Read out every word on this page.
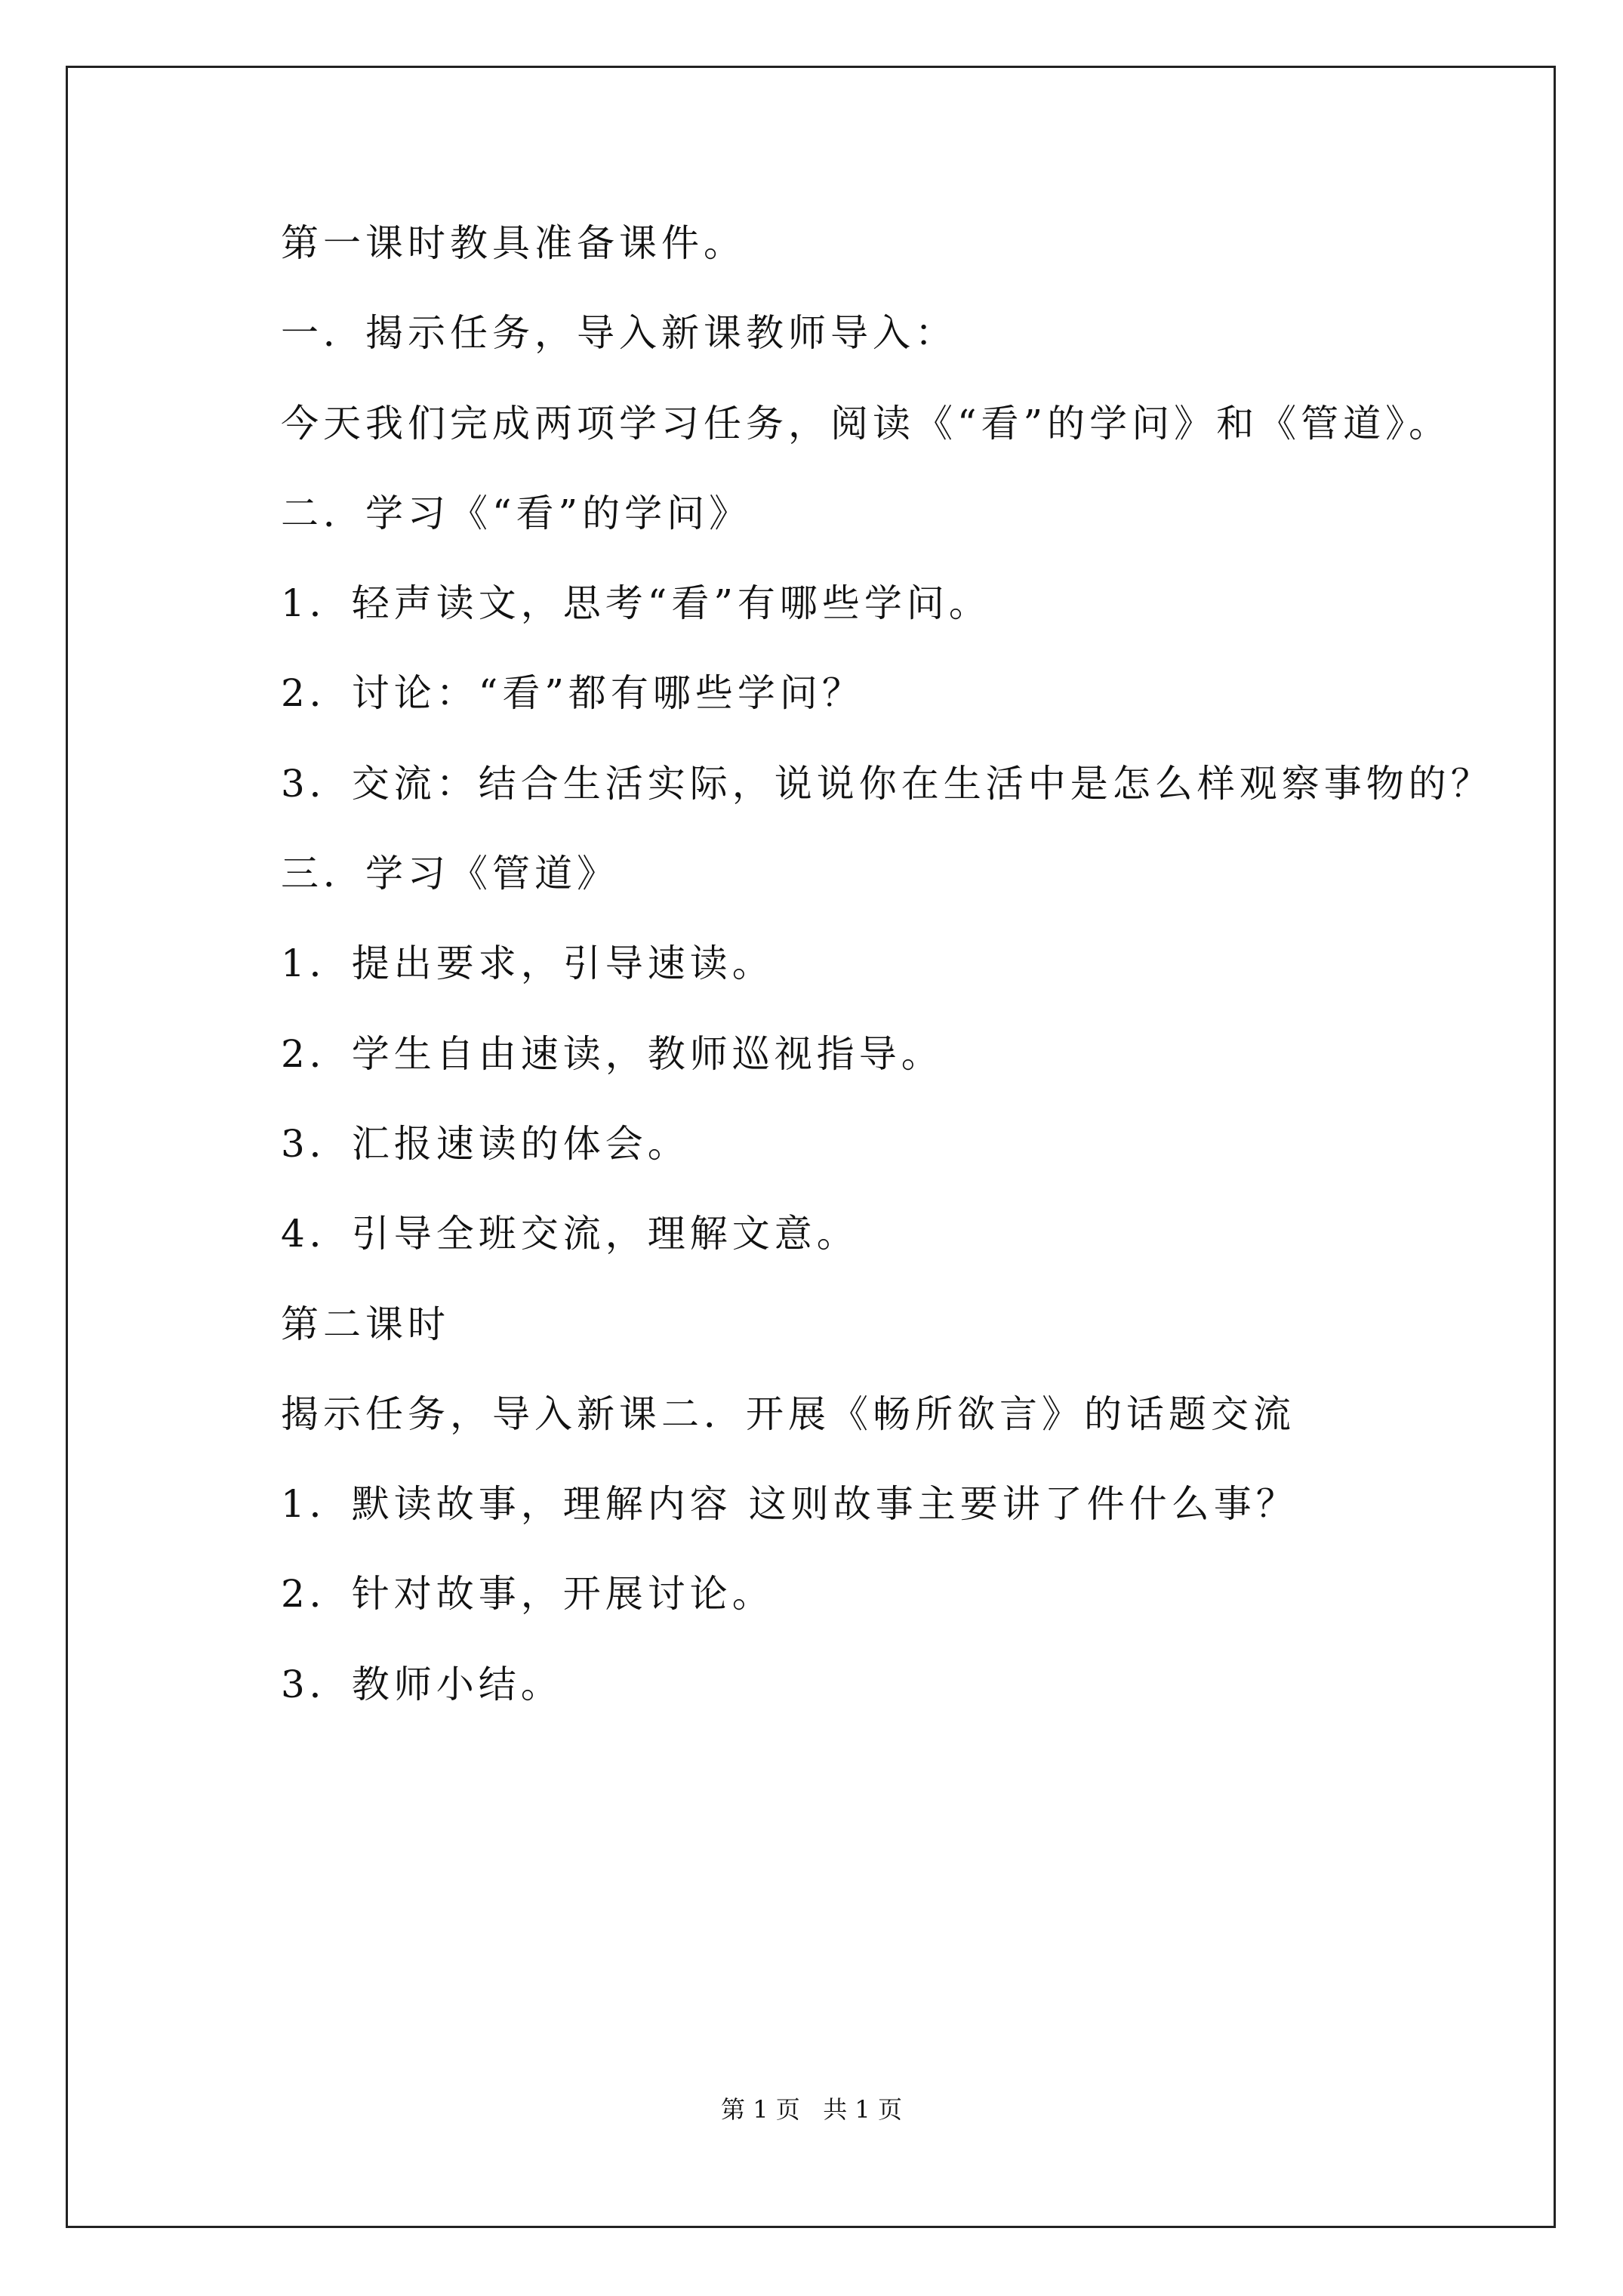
第一课时教具准备课件。
一．揭示任务，导入新课教师导入：
今天我们完成两项学习任务，阅读《“看”的学问》和《管道》。
二．学习《“看”的学问》
1．轻声读文，思考“看”有哪些学问。
2．讨论：“看”都有哪些学问？
3．交流：结合生活实际，说说你在生活中是怎么样观察事物的？
三．学习《管道》
1．提出要求，引导速读。
2．学生自由速读，教师巡视指导。
3．汇报速读的体会。
4．引导全班交流，理解文意。
第二课时
揭示任务，导入新课二．开展《畅所欲言》的话题交流
1．默读故事，理解内容 这则故事主要讲了件什么事？
2．针对故事，开展讨论。
3．教师小结。
第 1 页   共 1 页
